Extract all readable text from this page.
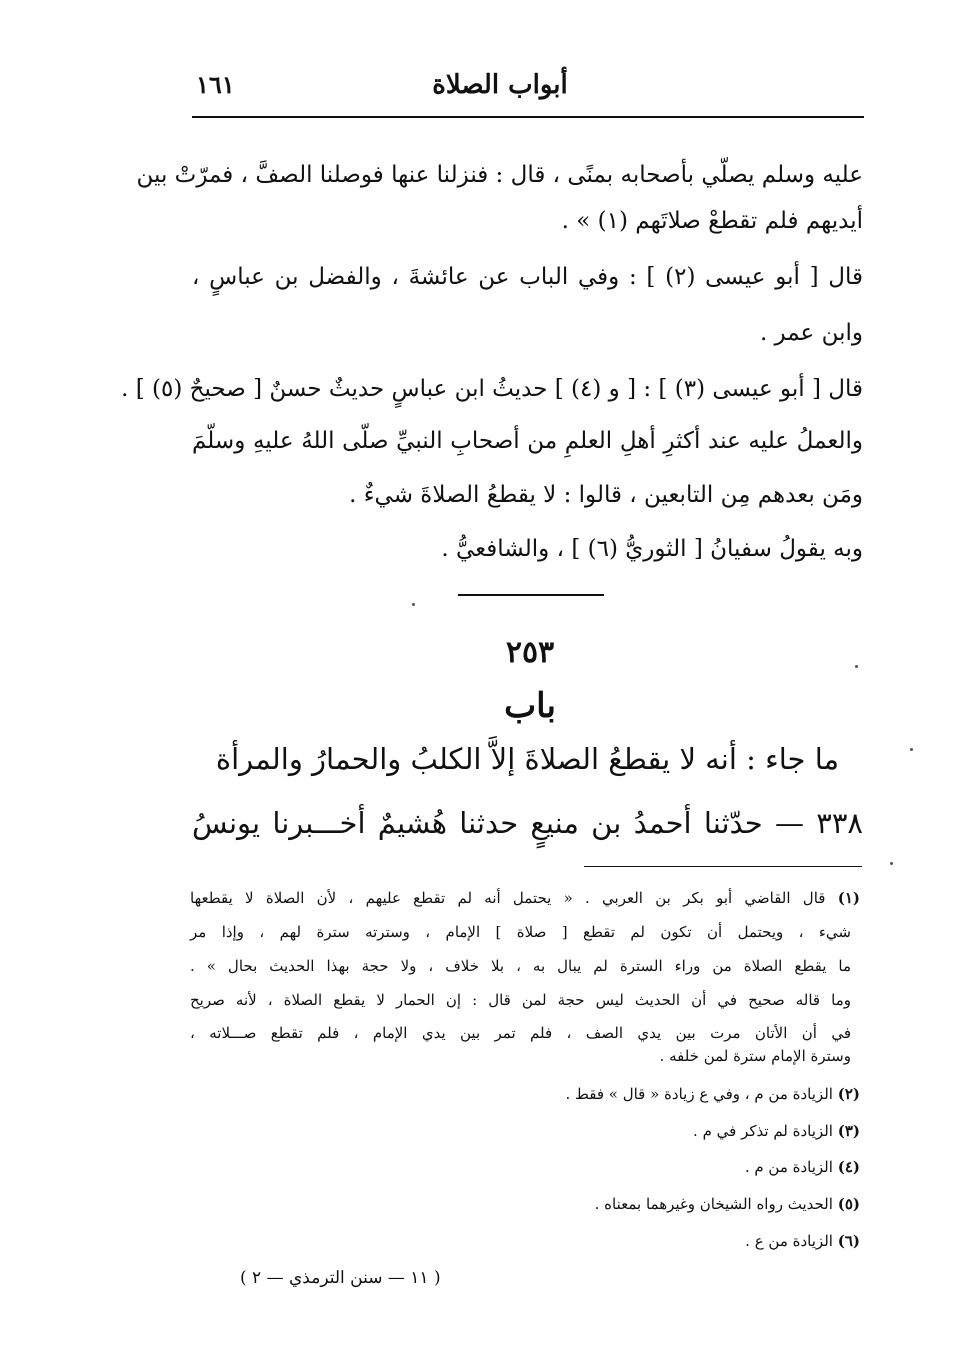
أبواب الصلاة
١٦١
عليه وسلم يصلّي بأصحابه بمنًى ، قال : فنزلنا عنها فوصلنا الصفَّ ، فمرّتْ بين
أيديهم فلم تقطعْ صلاتَهم (١) » .
قال [ أبو عيسى (٢) ] : وفي الباب عن عائشةَ ، والفضل بن عباسٍ ،
وابن عمر .
قال [ أبو عيسى (٣) ] : [ و (٤) ] حديثُ ابن عباسٍ حديثٌ حسنٌ [ صحيحٌ (٥) ] .
والعملُ عليه عند أكثرِ أهلِ العلمِ من أصحابِ النبيِّ صلّى اللهُ عليهِ وسلّمَ
ومَن بعدهم مِن التابعين ، قالوا : لا يقطعُ الصلاةَ شيءٌ .
وبه يقولُ سفيانُ [ الثوريُّ (٦) ] ، والشافعيُّ .
٢٥٣
باب
ما جاء : أنه لا يقطعُ الصلاةَ إلاَّ الكلبُ والحمارُ والمرأة
٣٣٨ — حدّثنا أحمدُ بن منيعٍ حدثنا هُشيمٌ أخـــبرنا يونسُ
(١) قال القاضي أبو بكر بن العربي . « يحتمل أنه لم تقطع عليهم ، لأن الصلاة لا يقطعها
شيء ، ويحتمل أن تكون لم تقطع [ صلاة ] الإمام ، وسترته سترة لهم ، وإذا مر
ما يقطع الصلاة من وراء السترة لم يبال به ، بلا خلاف ، ولا حجة بهذا الحديث بحال » .
وما قاله صحيح في أن الحديث ليس حجة لمن قال : إن الحمار لا يقطع الصلاة ، لأنه صريح
في أن الأتان مرت بين يدي الصف ، فلم تمر بين يدي الإمام ، فلم تقطع صـــلاته ،
وسترة الإمام سترة لمن خلفه .
(٢) الزيادة من م ، وفي ع زيادة « قال » فقط .
(٣) الزيادة لم تذكر في م .
(٤) الزيادة من م .
(٥) الحديث رواه الشيخان وغيرهما بمعناه .
(٦) الزيادة من ع .
( ١١ — سنن الترمذي — ٢ )
